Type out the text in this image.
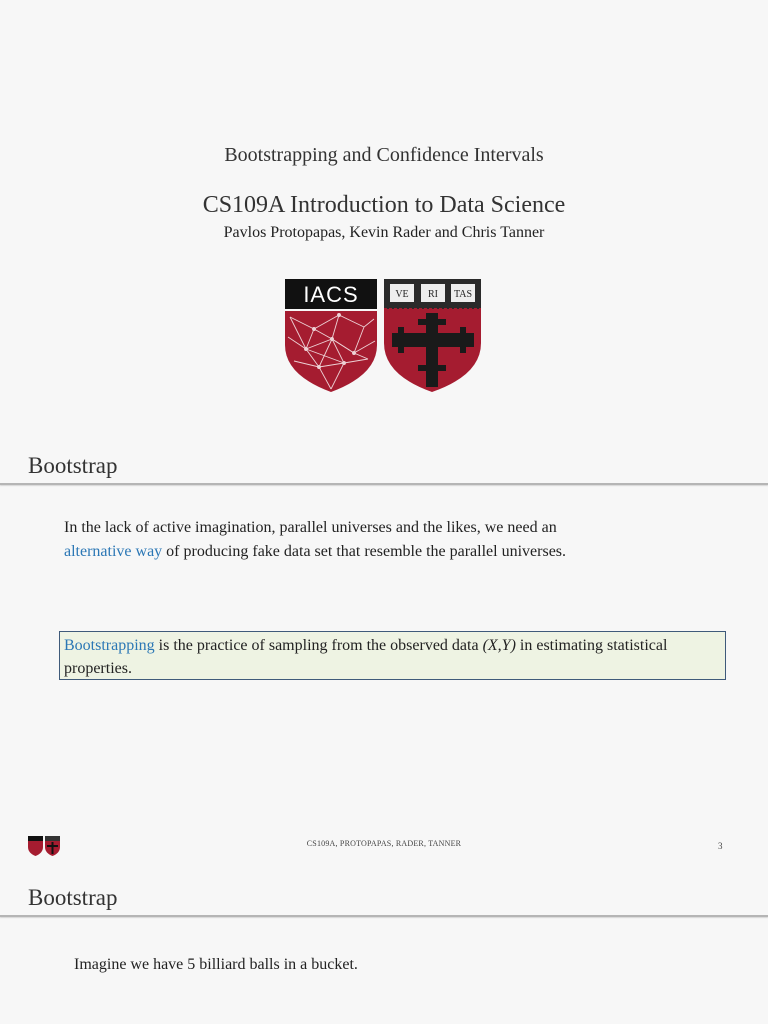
Bootstrapping and Confidence Intervals
CS109A Introduction to Data Science
Pavlos Protopapas, Kevin Rader and Chris Tanner
IACS	VE RI TAS
Bootstrap
In the lack of active imagination, parallel universes and the likes, we need an
alternative way of producing fake data set that resemble the parallel universes.
Bootstrapping is the practice of sampling from the observed data (X,Y) in estimating statistical properties.
CS109A, PROTOPAPAS, RADER, TANNER	3
Bootstrap
Imagine we have 5 billiard balls in a bucket.
